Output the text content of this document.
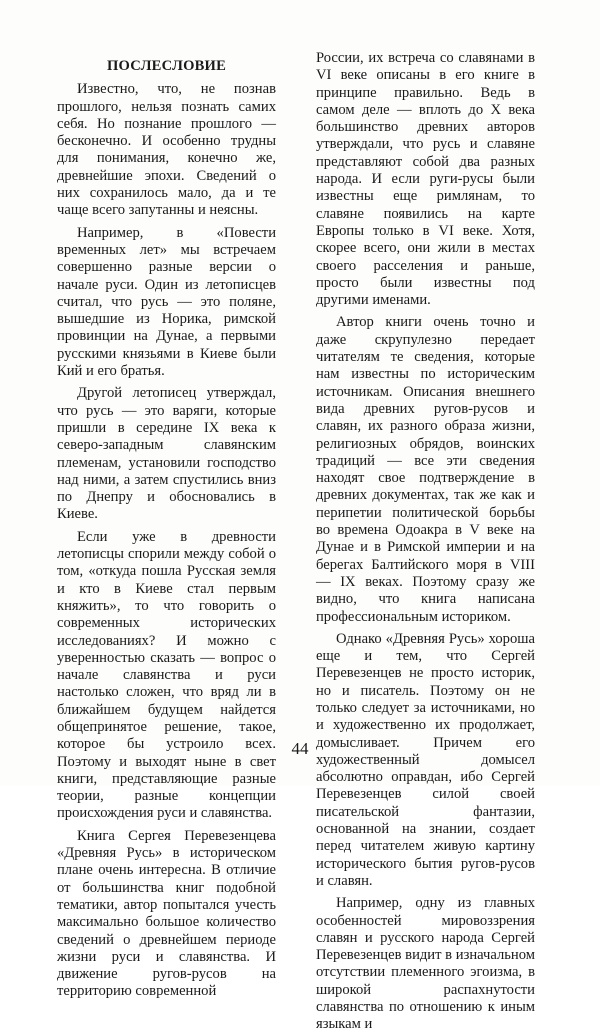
ПОСЛЕСЛОВИЕ

Известно, что, не познав прошлого, нельзя познать самих себя. Но познание прошлого — бесконечно. И особенно трудны для понимания, конечно же, древнейшие эпохи. Сведений о них сохранилось мало, да и те чаще всего запутанны и неясны.

Например, в «Повести временных лет» мы встречаем совершенно разные версии о начале руси. Один из летописцев считал, что русь — это поляне, вышедшие из Норика, римской провинции на Дунае, а первыми русскими князьями в Киеве были Кий и его братья.

Другой летописец утверждал, что русь — это варяги, которые пришли в середине IX века к северо-западным славянским племенам, установили господство над ними, а затем спустились вниз по Днепру и обосновались в Киеве.

Если уже в древности летописцы спорили между собой о том, «откуда пошла Русская земля и кто в Киеве стал первым княжить», то что говорить о современных исторических исследованиях? И можно с уверенностью сказать — вопрос о начале славянства и руси настолько сложен, что вряд ли в ближайшем будущем найдется общепринятое решение, такое, которое бы устроило всех. Поэтому и выходят ныне в свет книги, представляющие разные теории, разные концепции происхождения руси и славянства.

Книга Сергея Перевезенцева «Древняя Русь» в историческом плане очень интересна. В отличие от большинства книг подобной тематики, автор попытался учесть максимально большое количество сведений о древнейшем периоде жизни руси и славянства. И движение ругов-русов на территорию современной

России, их встреча со славянами в VI веке описаны в его книге в принципе правильно. Ведь в самом деле — вплоть до X века большинство древних авторов утверждали, что русь и славяне представляют собой два разных народа. И если руги-русы были известны еще римлянам, то славяне появились на карте Европы только в VI веке. Хотя, скорее всего, они жили в местах своего расселения и раньше, просто были известны под другими именами.

Автор книги очень точно и даже скрупулезно передает читателям те сведения, которые нам известны по историческим источникам. Описания внешнего вида древних ругов-русов и славян, их разного образа жизни, религиозных обрядов, воинских традиций — все эти сведения находят свое подтверждение в древних документах, так же как и перипетии политической борьбы во времена Одоакра в V веке на Дунае и в Римской империи и на берегах Балтийского моря в VIII — IX веках. Поэтому сразу же видно, что книга написана профессиональным историком.

Однако «Древняя Русь» хороша еще и тем, что Сергей Перевезенцев не просто историк, но и писатель. Поэтому он не только следует за источниками, но и художественно их продолжает, домысливает. Причем его художественный домысел абсолютно оправдан, ибо Сергей Перевезенцев силой своей писательской фантазии, основанной на знании, создает перед читателем живую картину исторического бытия ругов-русов и славян.

Например, одну из главных особенностей мировоззрения славян и русского народа Сергей Перевезенцев видит в изначальном отсутствии племенного эгоизма, в широкой распахнутости славянства по отношению к иным языкам и

44
